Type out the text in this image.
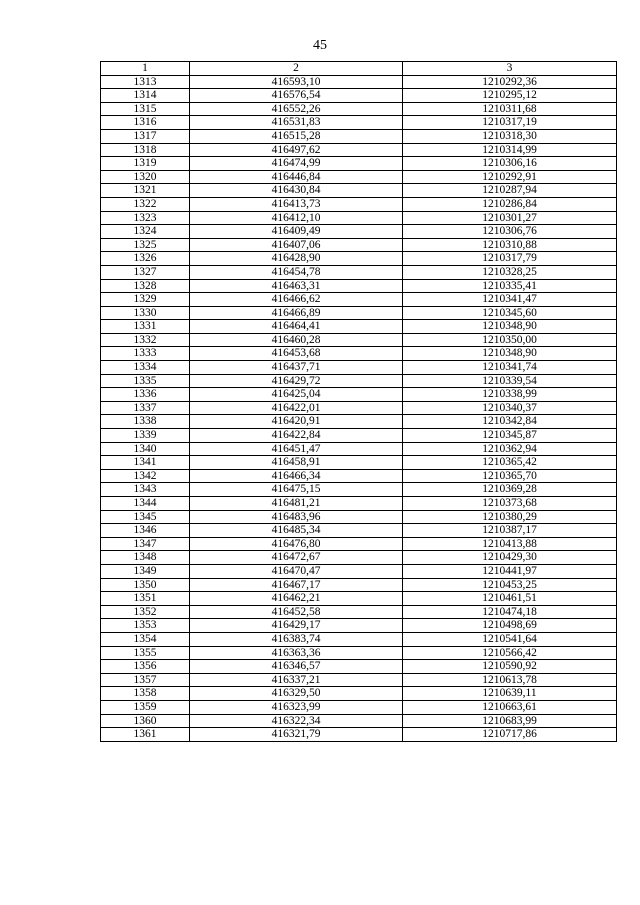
45
1	2	3
1313	416593,10	1210292,36
1314	416576,54	1210295,12
1315	416552,26	1210311,68
1316	416531,83	1210317,19
1317	416515,28	1210318,30
1318	416497,62	1210314,99
1319	416474,99	1210306,16
1320	416446,84	1210292,91
1321	416430,84	1210287,94
1322	416413,73	1210286,84
1323	416412,10	1210301,27
1324	416409,49	1210306,76
1325	416407,06	1210310,88
1326	416428,90	1210317,79
1327	416454,78	1210328,25
1328	416463,31	1210335,41
1329	416466,62	1210341,47
1330	416466,89	1210345,60
1331	416464,41	1210348,90
1332	416460,28	1210350,00
1333	416453,68	1210348,90
1334	416437,71	1210341,74
1335	416429,72	1210339,54
1336	416425,04	1210338,99
1337	416422,01	1210340,37
1338	416420,91	1210342,84
1339	416422,84	1210345,87
1340	416451,47	1210362,94
1341	416458,91	1210365,42
1342	416466,34	1210365,70
1343	416475,15	1210369,28
1344	416481,21	1210373,68
1345	416483,96	1210380,29
1346	416485,34	1210387,17
1347	416476,80	1210413,88
1348	416472,67	1210429,30
1349	416470,47	1210441,97
1350	416467,17	1210453,25
1351	416462,21	1210461,51
1352	416452,58	1210474,18
1353	416429,17	1210498,69
1354	416383,74	1210541,64
1355	416363,36	1210566,42
1356	416346,57	1210590,92
1357	416337,21	1210613,78
1358	416329,50	1210639,11
1359	416323,99	1210663,61
1360	416322,34	1210683,99
1361	416321,79	1210717,86
